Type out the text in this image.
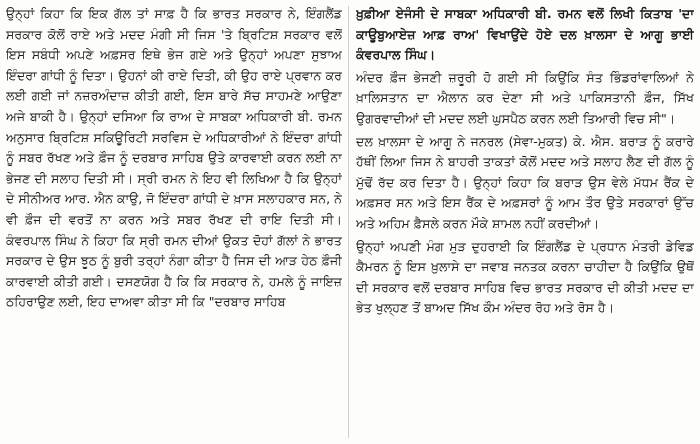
ਉਨ੍ਹਾਂ ਕਿਹਾ ਕਿ ਇਕ ਗੱਲ ਤਾਂ ਸਾਫ਼ ਹੈ ਕਿ ਭਾਰਤ ਸਰਕਾਰ ਨੇ, ਇੰਗਲੈਂਡ ਸਰਕਾਰ ਕੋਲੋਂ ਰਾਏ ਅਤੇ ਮਦਦ ਮੰਗੀ ਸੀ ਜਿਸ 'ਤੇ ਬ੍ਰਿਟਿਸ਼ ਸਰਕਾਰ ਵਲੋਂ ਇਸ ਸਬੰਧੀ ਅਪਣੇ ਅਫ਼ਸਰ ਇਥੇ ਭੇਜ ਗਏ ਅਤੇ ਉਨ੍ਹਾਂ ਅਪਣਾ ਸੁਝਾਅ ਇੰਦਰਾ ਗਾਂਧੀ ਨੂੰ ਦਿਤਾ। ਉਹਨਾਂ ਕੀ ਰਾਏ ਦਿਤੀ, ਕੀ ਉਹ ਰਾਏ ਪ੍ਰਵਾਨ ਕਰ ਲਈ ਗਈ ਜਾਂ ਨਜ਼ਰਅੰਦਾਜ਼ ਕੀਤੀ ਗਈ, ਇਸ ਬਾਰੇ ਸੱਚ ਸਾਹਮਣੇ ਆਉਣਾ ਅਜੇ ਬਾਕੀ ਹੈ। ਉਨ੍ਹਾਂ ਦਸਿਆ ਕਿ ਰਾਅ ਦੇ ਸਾਬਕਾ ਅਧਿਕਾਰੀ ਬੀ. ਰਮਨ ਅਨੁਸਾਰ ਬ੍ਰਿਟਿਸ਼ ਸਕਿਊਰਿਟੀ ਸਰਵਿਸ ਦੇ ਅਧਿਕਾਰੀਆਂ ਨੇ ਇੰਦਰਾ ਗਾਂਧੀ ਨੂੰ ਸਬਰ ਰੱਖਣ ਅਤੇ ਫ਼ੌਜ ਨੂੰ ਦਰਬਾਰ ਸਾਹਿਬ ਉਤੇ ਕਾਰਵਾਈ ਕਰਨ ਲਈ ਨਾ ਭੇਜਣ ਦੀ ਸਲਾਹ ਦਿਤੀ ਸੀ। ਸ੍ਰੀ ਰਮਨ ਨੇ ਇਹ ਵੀ ਲਿਖਿਆ ਹੈ ਕਿ ਉਨ੍ਹਾਂ ਦੇ ਸੀਨੀਅਰ ਆਰ. ਐਨ ਕਾਉ, ਜੋ ਇੰਦਰਾ ਗਾਂਧੀ ਦੇ ਖ਼ਾਸ ਸਲਾਹਕਾਰ ਸਨ, ਨੇ ਵੀ ਫ਼ੌਜ ਦੀ ਵਰਤੋਂ ਨਾ ਕਰਨ ਅਤੇ ਸਬਰ ਰੱਖਣ ਦੀ ਰਾਇ ਦਿਤੀ ਸੀ। ਕੰਵਰਪਾਲ ਸਿੰਘ ਨੇ ਕਿਹਾ ਕਿ ਸ੍ਰੀ ਰਮਨ ਦੀਆਂ ਉਕਤ ਦੋਹਾਂ ਗੱਲਾਂ ਨੇ ਭਾਰਤ ਸਰਕਾਰ ਦੇ ਉਸ ਝੂਠ ਨੂੰ ਬੁਰੀ ਤਰ੍ਹਾਂ ਨੰਗਾ ਕੀਤਾ ਹੈ ਜਿਸ ਦੀ ਆੜ ਹੇਠ ਫ਼ੌਜੀ ਕਾਰਵਾਈ ਕੀਤੀ ਗਈ। ਦਸਣਯੋਗ ਹੈ ਕਿ ਕਿ ਸਰਕਾਰ ਨੇ, ਹਮਲੇ ਨੂੰ ਜਾਇਜ਼ ਠਹਿਰਾਉਣ ਲਈ, ਇਹ ਦਾਅਵਾ ਕੀਤਾ ਸੀ ਕਿ "ਦਰਬਾਰ ਸਾਹਿਬ

ਖ਼ੁਫ਼ੀਆ ਏਜੰਸੀ ਦੇ ਸਾਬਕਾ ਅਧਿਕਾਰੀ ਬੀ. ਰਮਨ ਵਲੋਂ ਲਿਖੀ ਕਿਤਾਬ 'ਦਾ ਕਾਊਬੁਆਏਜ਼ ਆਫ਼ ਰਾਅ' ਵਿਖਾਉਂਦੇ ਹੋਏ ਦਲ ਖ਼ਾਲਸਾ ਦੇ ਆਗੂ ਭਾਈ ਕੰਵਰਪਾਲ ਸਿੰਘ।

ਅੰਦਰ ਫ਼ੌਜ ਭੇਜਣੀ ਜ਼ਰੂਰੀ ਹੋ ਗਈ ਸੀ ਕਿਉਂਕਿ ਸੰਤ ਭਿੰਡਰਾਂਵਾਲਿਆਂ ਨੇ ਖ਼ਾਲਿਸਤਾਨ ਦਾ ਐਲਾਨ ਕਰ ਦੇਣਾ ਸੀ ਅਤੇ ਪਾਕਿਸਤਾਨੀ ਫ਼ੌਜ, ਸਿੱਖ ਉਗਰਵਾਦੀਆਂ ਦੀ ਮਦਦ ਲਈ ਘੁਸਪੈਠ ਕਰਨ ਲਈ ਤਿਆਰੀ ਵਿਚ ਸੀ"।

ਦਲ ਖ਼ਾਲਸਾ ਦੇ ਆਗੂ ਨੇ ਜਨਰਲ (ਸੇਵਾ-ਮੁਕਤ) ਕੇ. ਐਸ. ਬਰਾੜ ਨੂੰ ਕਰਾਰੇ ਹੱਥੀਂ ਲਿਆ ਜਿਸ ਨੇ ਬਾਹਰੀ ਤਾਕਤਾਂ ਕੋਲੋਂ ਮਦਦ ਅਤੇ ਸਲਾਹ ਲੈਣ ਦੀ ਗੱਲ ਨੂੰ ਮੁੱਢੋਂ ਰੱਦ ਕਰ ਦਿਤਾ ਹੈ। ਉਨ੍ਹਾਂ ਕਿਹਾ ਕਿ ਬਰਾੜ ਉਸ ਵੇਲੇ ਮੱਧਮ ਰੈਂਕ ਦੇ ਅਫ਼ਸਰ ਸਨ ਅਤੇ ਇਸ ਰੈਂਕ ਦੇ ਅਫ਼ਸਰਾਂ ਨੂੰ ਆਮ ਤੌਰ ਉਤੇ ਸਰਕਾਰਾਂ ਉੱਚ ਅਤੇ ਅਹਿਮ ਫ਼ੈਸਲੇ ਕਰਨ ਮੌਕੇ ਸ਼ਾਮਲ ਨਹੀਂ ਕਰਦੀਆਂ।

ਉਨ੍ਹਾਂ ਅਪਣੀ ਮੰਗ ਮੁੜ ਦੁਹਰਾਈ ਕਿ ਇੰਗਲੈਂਡ ਦੇ ਪ੍ਰਧਾਨ ਮੰਤਰੀ ਡੇਵਿਡ ਕੈਮਰਨ ਨੂੰ ਇਸ ਖ਼ੁਲਾਸੇ ਦਾ ਜਵਾਬ ਜਨਤਕ ਕਰਨਾ ਚਾਹੀਦਾ ਹੈ ਕਿਉਂਕਿ ਉਥੋਂ ਦੀ ਸਰਕਾਰ ਵਲੋਂ ਦਰਬਾਰ ਸਾਹਿਬ ਵਿਚ ਭਾਰਤ ਸਰਕਾਰ ਦੀ ਕੀਤੀ ਮਦਦ ਦਾ ਭੇਤ ਖੁਲ੍ਹਣ ਤੋਂ ਬਾਅਦ ਸਿੱਖ ਕੌਮ ਅੰਦਰ ਰੋਹ ਅਤੇ ਰੋਸ ਹੈ।
